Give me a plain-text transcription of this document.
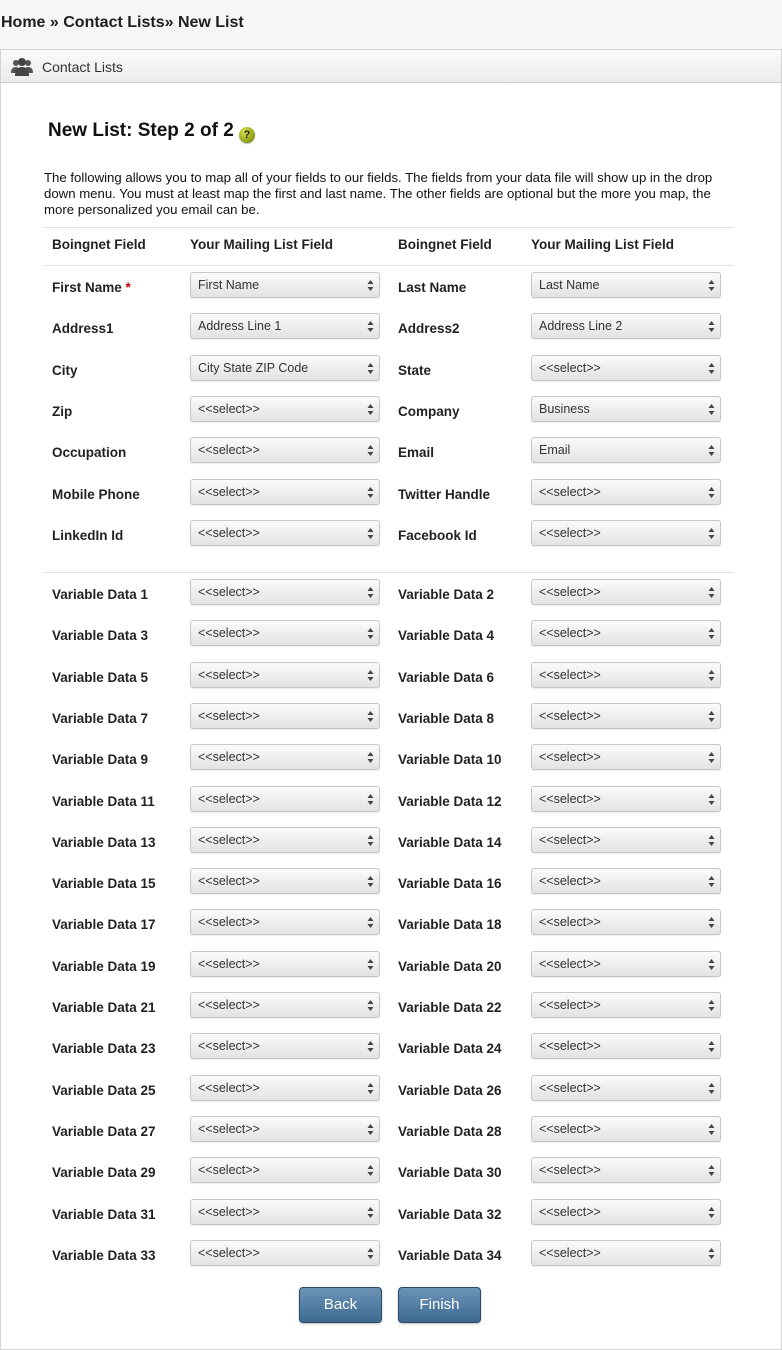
Home » Contact Lists» New List
Contact Lists
New List: Step 2 of 2 ?
The following allows you to map all of your fields to our fields. The fields from your data file will show up in the drop down menu. You must at least map the first and last name. The other fields are optional but the more you map, the more personalized you email can be.
Boingnet Field	Your Mailing List Field	Boingnet Field	Your Mailing List Field
First Name *	First Name	Last Name	Last Name
Address1	Address Line 1	Address2	Address Line 2
City	City State ZIP Code	State	<<select>>
Zip	<<select>>	Company	Business
Occupation	<<select>>	Email	Email
Mobile Phone	<<select>>	Twitter Handle	<<select>>
LinkedIn Id	<<select>>	Facebook Id	<<select>>
Variable Data 1	<<select>>	Variable Data 2	<<select>>
Variable Data 3	<<select>>	Variable Data 4	<<select>>
Variable Data 5	<<select>>	Variable Data 6	<<select>>
Variable Data 7	<<select>>	Variable Data 8	<<select>>
Variable Data 9	<<select>>	Variable Data 10	<<select>>
Variable Data 11	<<select>>	Variable Data 12	<<select>>
Variable Data 13	<<select>>	Variable Data 14	<<select>>
Variable Data 15	<<select>>	Variable Data 16	<<select>>
Variable Data 17	<<select>>	Variable Data 18	<<select>>
Variable Data 19	<<select>>	Variable Data 20	<<select>>
Variable Data 21	<<select>>	Variable Data 22	<<select>>
Variable Data 23	<<select>>	Variable Data 24	<<select>>
Variable Data 25	<<select>>	Variable Data 26	<<select>>
Variable Data 27	<<select>>	Variable Data 28	<<select>>
Variable Data 29	<<select>>	Variable Data 30	<<select>>
Variable Data 31	<<select>>	Variable Data 32	<<select>>
Variable Data 33	<<select>>	Variable Data 34	<<select>>
Back	Finish
